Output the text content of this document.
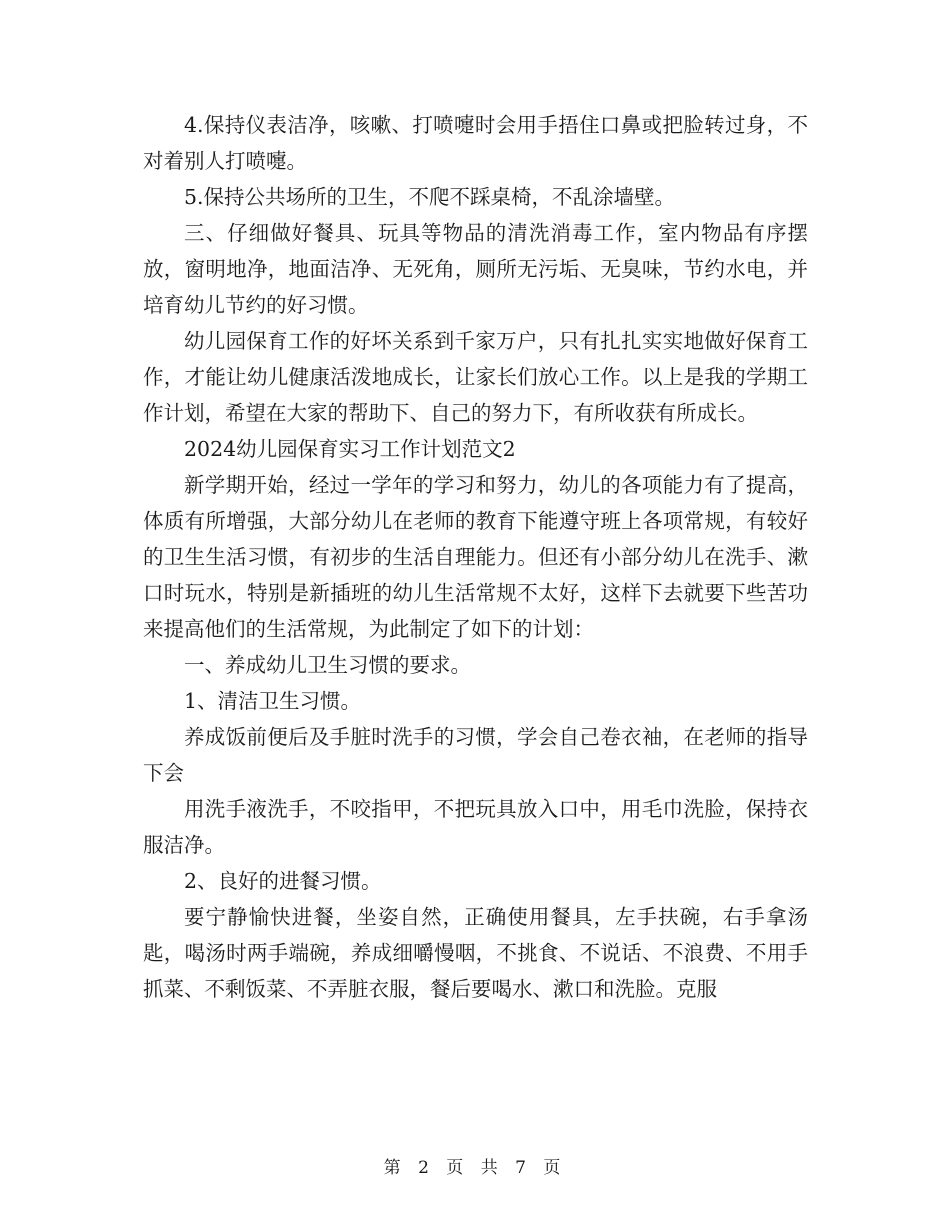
4.保持仪表洁净，咳嗽、打喷嚏时会用手捂住口鼻或把脸转过身，不对着别人打喷嚏。

5.保持公共场所的卫生，不爬不踩桌椅，不乱涂墙壁。

三、仔细做好餐具、玩具等物品的清洗消毒工作，室内物品有序摆放，窗明地净，地面洁净、无死角，厕所无污垢、无臭味，节约水电，并培育幼儿节约的好习惯。

幼儿园保育工作的好坏关系到千家万户，只有扎扎实实地做好保育工作，才能让幼儿健康活泼地成长，让家长们放心工作。以上是我的学期工作计划，希望在大家的帮助下、自己的努力下，有所收获有所成长。

2024幼儿园保育实习工作计划范文2

新学期开始，经过一学年的学习和努力，幼儿的各项能力有了提高，体质有所增强，大部分幼儿在老师的教育下能遵守班上各项常规，有较好的卫生生活习惯，有初步的生活自理能力。但还有小部分幼儿在洗手、漱口时玩水，特别是新插班的幼儿生活常规不太好，这样下去就要下些苦功来提高他们的生活常规，为此制定了如下的计划：

一、养成幼儿卫生习惯的要求。

1、清洁卫生习惯。

养成饭前便后及手脏时洗手的习惯，学会自己卷衣袖，在老师的指导下会

用洗手液洗手，不咬指甲，不把玩具放入口中，用毛巾洗脸，保持衣服洁净。

2、良好的进餐习惯。

要宁静愉快进餐，坐姿自然，正确使用餐具，左手扶碗，右手拿汤匙，喝汤时两手端碗，养成细嚼慢咽，不挑食、不说话、不浪费、不用手抓菜、不剩饭菜、不弄脏衣服，餐后要喝水、漱口和洗脸。克服

第 2 页 共 7 页
